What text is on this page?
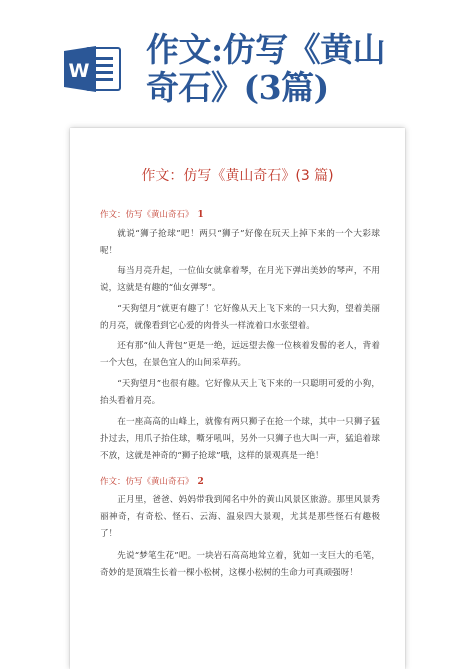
W
作文:仿写《黄山
奇石》(3篇)
作文：仿写《黄山奇石》(3 篇)
作文：仿写《黄山奇石》 1

就说“狮子抢球”吧！两只“狮子”好像在玩天上掉下来的一个大彩球呢！

每当月亮升起，一位仙女就拿着琴，在月光下弹出美妙的琴声，不用说，这就是有趣的“仙女弹琴”。

“天狗望月”就更有趣了！它好像从天上飞下来的一只大狗，望着美丽的月亮，就像看到它心爱的肉骨头一样流着口水张望着。

还有那“仙人背包”更是一绝，远远望去像一位核着发髻的老人，背着一个大包，在景色宜人的山间采草药。

“天狗望月”也很有趣。它好像从天上飞下来的一只聪明可爱的小狗，抬头看着月亮。

在一座高高的山峰上，就像有两只狮子在抢一个球，其中一只狮子猛扑过去，用爪子抬住球，嘶牙吼叫，另外一只狮子也大叫一声，猛追着球不放，这就是神奇的“狮子抢球”哦，这样的景观真是一绝！

作文：仿写《黄山奇石》 2

正月里，爸爸、妈妈带我到闻名中外的黄山风景区旅游。那里风景秀丽神奇，有奇松、怪石、云海、温泉四大景观，尤其是那些怪石有趣极了！

先说“梦笔生花”吧。一块岩石高高地耸立着，犹如一支巨大的毛笔，奇妙的是顶端生长着一棵小松树，这棵小松树的生命力可真顽强呀！
